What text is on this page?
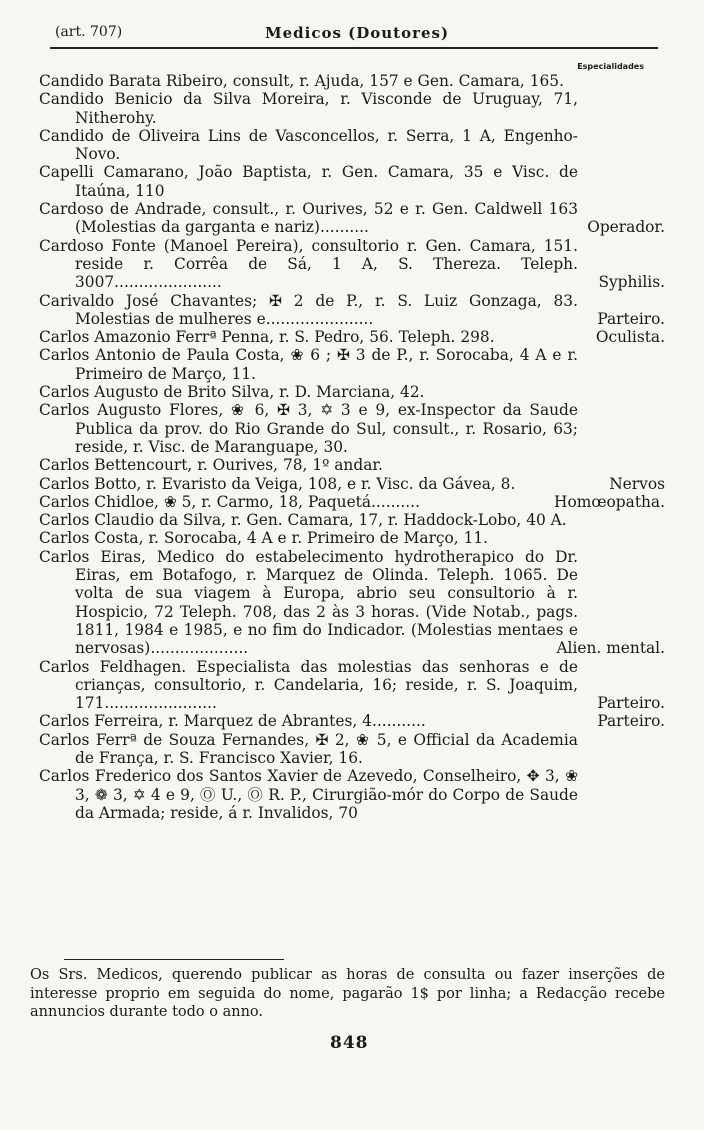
(art. 707)	Medicos (Doutores)
Especialidades
Candido Barata Ribeiro, consult, r. Ajuda, 157 e Gen. Camara, 165.
Candido Benicio da Silva Moreira, r. Visconde de Uruguay, 71, Nitherohy.
Candido de Oliveira Lins de Vasconcellos, r. Serra, 1 A, Engenho-Novo.
Capelli Camarano, João Baptista, r. Gen. Camara, 35 e Visc. de Itaúna, 110
Cardoso de Andrade, consult., r. Ourives, 52 e r. Gen. Caldwell 163 (Molestias da garganta e nariz)..........	Operador.
Cardoso Fonte (Manoel Pereira), consultorio r. Gen. Camara, 151. reside r. Corrêa de Sá, 1 A, S. Thereza. Teleph. 3007......................	Syphilis.
Carivaldo José Chavantes; ✠ 2 de P., r. S. Luiz Gonzaga, 83. Molestias de mulheres e......................	Parteiro.
Carlos Amazonio Ferrª Penna, r. S. Pedro, 56. Teleph. 298.	Oculista.
Carlos Antonio de Paula Costa, ❀ 6 ; ✠ 3 de P., r. Sorocaba, 4 A e r. Primeiro de Março, 11.
Carlos Augusto de Brito Silva, r. D. Marciana, 42.
Carlos Augusto Flores, ❀ 6, ✠ 3, ✡ 3 e 9, ex-Inspector da Saude Publica da prov. do Rio Grande do Sul, consult., r. Rosario, 63; reside, r. Visc. de Maranguape, 30.
Carlos Bettencourt, r. Ourives, 78, 1º andar.
Carlos Botto, r. Evaristo da Veiga, 108, e r. Visc. da Gávea, 8.	Nervos
Carlos Chidloe, ❀ 5, r. Carmo, 18, Paquetá..........	Homœopatha.
Carlos Claudio da Silva, r. Gen. Camara, 17, r. Haddock-Lobo, 40 A.
Carlos Costa, r. Sorocaba, 4 A e r. Primeiro de Março, 11.
Carlos Eiras, Medico do estabelecimento hydrotherapico do Dr. Eiras, em Botafogo, r. Marquez de Olinda. Teleph. 1065. De volta de sua viagem à Europa, abrio seu consultorio à r. Hospicio, 72 Teleph. 708, das 2 às 3 horas. (Vide Notab., pags. 1811, 1984 e 1985, e no fim do Indicador. (Molestias mentaes e nervosas)....................	Alien. mental.
Carlos Feldhagen. Especialista das molestias das senhoras e de crianças, consultorio, r. Candelaria, 16; reside, r. S. Joaquim, 171.......................	Parteiro.
Carlos Ferreira, r. Marquez de Abrantes, 4...........	Parteiro.
Carlos Ferrª de Souza Fernandes, ✠ 2, ❀ 5, e Official da Academia de França, r. S. Francisco Xavier, 16.
Carlos Frederico dos Santos Xavier de Azevedo, Conselheiro, ✥ 3, ❀ 3, ❁ 3, ✡ 4 e 9, Ⓞ U., Ⓞ R. P., Cirurgião-mór do Corpo de Saude da Armada; reside, á r. Invalidos, 70
Os Srs. Medicos, querendo publicar as horas de consulta ou fazer inserções de interesse proprio em seguida do nome, pagarão 1$ por linha; a Redacção recebe annuncios durante todo o anno.
848
